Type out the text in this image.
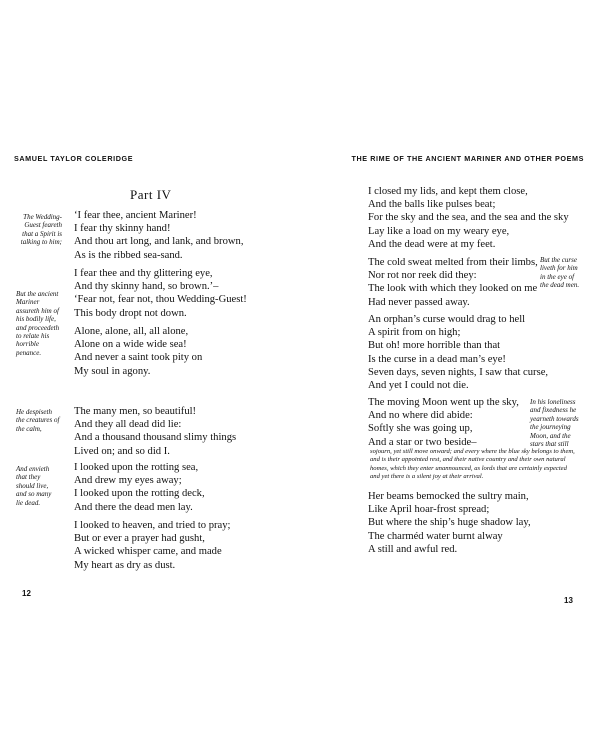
SAMUEL TAYLOR COLERIDGE
Part IV
The Wedding-
Guest feareth
that a Spirit is
talking to him;
But the ancient
Mariner
assureth him of
his bodily life,
and proceedeth
to relate his
horrible
penance.
He despiseth
the creatures of
the calm,
And envieth
that they
should live,
and so many
lie dead.
‘I fear thee, ancient Mariner!
I fear thy skinny hand!
And thou art long, and lank, and brown,
As is the ribbed sea-sand.
I fear thee and thy glittering eye,
And thy skinny hand, so brown.’–
‘Fear not, fear not, thou Wedding-Guest!
This body dropt not down.
Alone, alone, all, all alone,
Alone on a wide wide sea!
And never a saint took pity on
My soul in agony.
The many men, so beautiful!
And they all dead did lie:
And a thousand thousand slimy things
Lived on; and so did I.
I looked upon the rotting sea,
And drew my eyes away;
I looked upon the rotting deck,
And there the dead men lay.
I looked to heaven, and tried to pray;
But or ever a prayer had gusht,
A wicked whisper came, and made
My heart as dry as dust.
12
THE RIME OF THE ANCIENT MARINER AND OTHER POEMS
I closed my lids, and kept them close,
And the balls like pulses beat;
For the sky and the sea, and the sea and the sky
Lay like a load on my weary eye,
And the dead were at my feet.
The cold sweat melted from their limbs,
Nor rot nor reek did they:
The look with which they looked on me
Had never passed away.
An orphan’s curse would drag to hell
A spirit from on high;
But oh! more horrible than that
Is the curse in a dead man’s eye!
Seven days, seven nights, I saw that curse,
And yet I could not die.
The moving Moon went up the sky,
And no where did abide:
Softly she was going up,
And a star or two beside–
Her beams bemocked the sultry main,
Like April hoar-frost spread;
But where the ship’s huge shadow lay,
The charméd water burnt alway
A still and awful red.
But the curse
liveth for him
in the eye of
the dead men.
In his loneliness
and fixedness he
yearneth towards
the journeying
Moon, and the
stars that still
sojourn, yet still move onward; and every where the blue sky belongs to them,
and is their appointed rest, and their native country and their own natural
homes, which they enter unannounced, as lords that are certainly expected
and yet there is a silent joy at their arrival.
13
